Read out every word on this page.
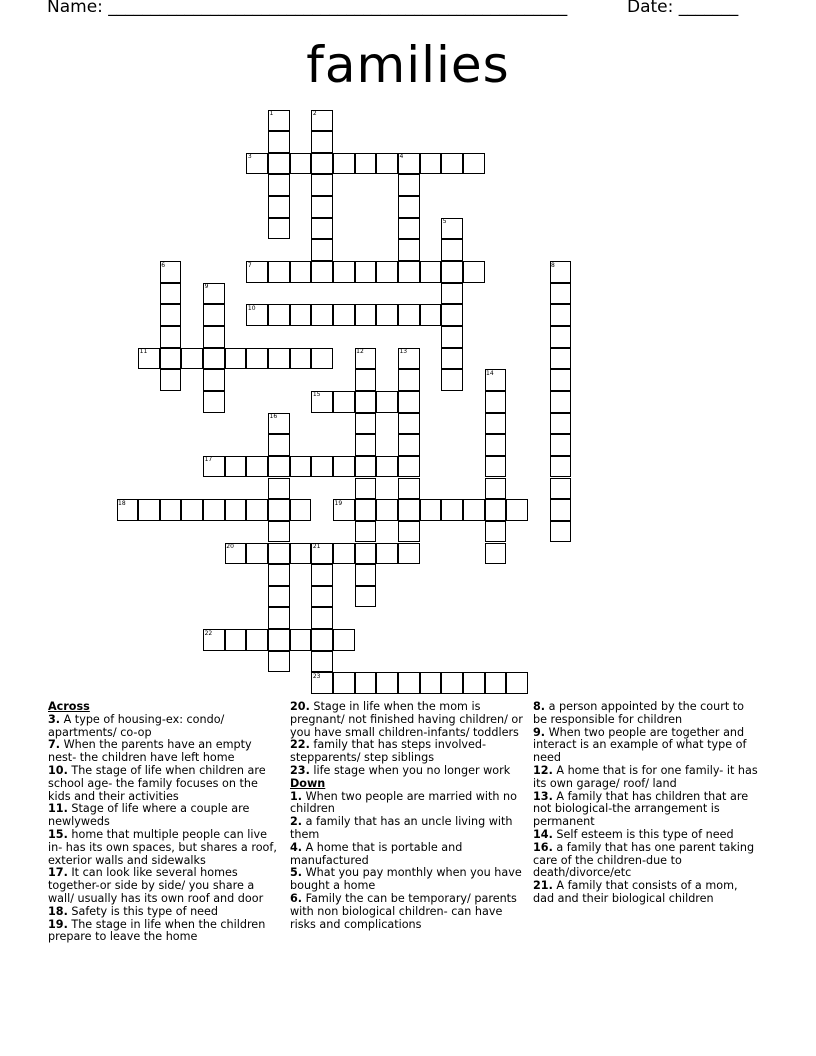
Name: ______________________________________________________	Date: _______
families
3	4
7
10
11
15
17
18	19
20	21
22
23
1	2
5
6	8
9
12	13
14
16
Across
3. A type of housing-ex: condo/ apartments/ co-op
7. When the parents have an empty nest- the children have left home
10. The stage of life when children are school age- the family focuses on the kids and their activities
11. Stage of life where a couple are newlyweds
15. home that multiple people can live in- has its own spaces, but shares a roof, exterior walls and sidewalks
17. It can look like several homes together-or side by side/ you share a wall/ usually has its own roof and door
18. Safety is this type of need
19. The stage in life when the children prepare to leave the home
20. Stage in life when the mom is pregnant/ not finished having children/ or you have small children-infants/ toddlers
22. family that has steps involved-stepparents/ step siblings
23. life stage when you no longer work
Down
1. When two people are married with no children
2. a family that has an uncle living with them
4. A home that is portable and manufactured
5. What you pay monthly when you have bought a home
6. Family the can be temporary/ parents with non biological children- can have risks and complications
8. a person appointed by the court to be responsible for children
9. When two people are together and interact is an example of what type of need
12. A home that is for one family- it has its own garage/ roof/ land
13. A family that has children that are not biological-the arrangement is permanent
14. Self esteem is this type of need
16. a family that has one parent taking care of the children-due to death/divorce/etc
21. A family that consists of a mom, dad and their biological children
